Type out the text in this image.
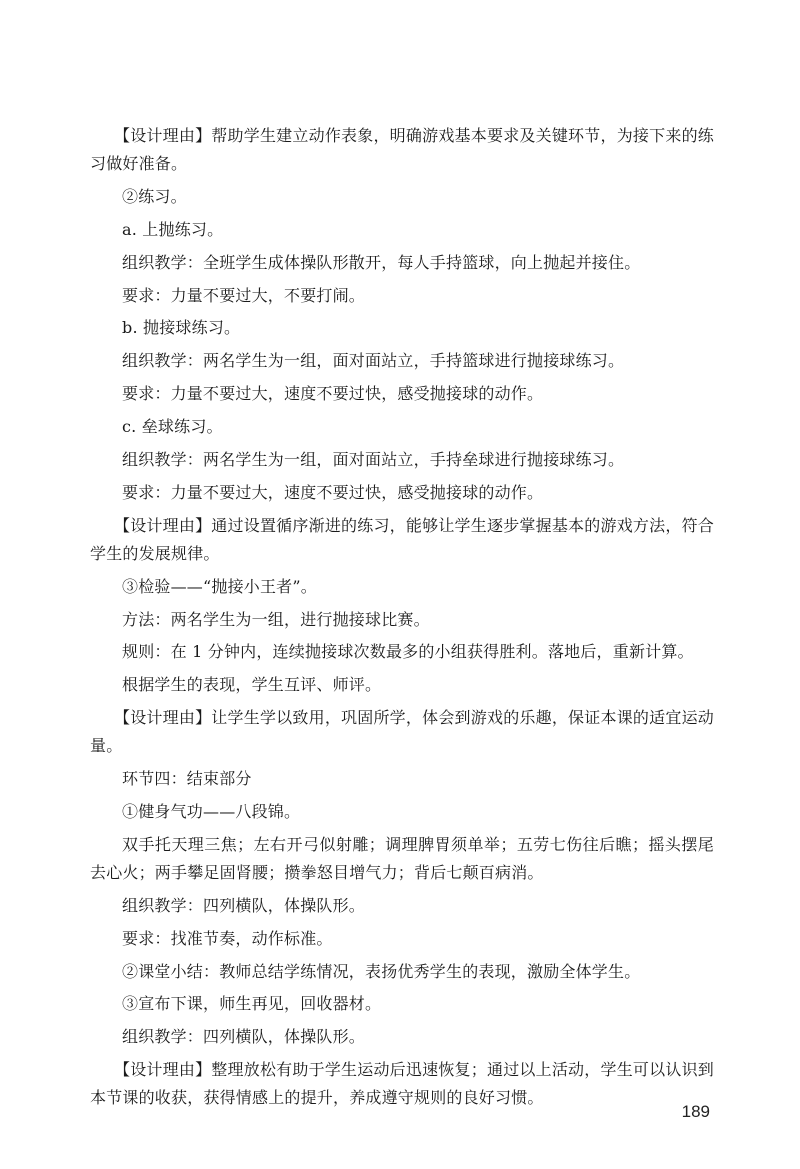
【设计理由】帮助学生建立动作表象，明确游戏基本要求及关键环节，为接下来的练习做好准备。

②练习。

a. 上抛练习。

组织教学：全班学生成体操队形散开，每人手持篮球，向上抛起并接住。

要求：力量不要过大，不要打闹。

b. 抛接球练习。

组织教学：两名学生为一组，面对面站立，手持篮球进行抛接球练习。

要求：力量不要过大，速度不要过快，感受抛接球的动作。

c. 垒球练习。

组织教学：两名学生为一组，面对面站立，手持垒球进行抛接球练习。

要求：力量不要过大，速度不要过快，感受抛接球的动作。

【设计理由】通过设置循序渐进的练习，能够让学生逐步掌握基本的游戏方法，符合学生的发展规律。

③检验——“抛接小王者”。

方法：两名学生为一组，进行抛接球比赛。

规则：在 1 分钟内，连续抛接球次数最多的小组获得胜利。落地后，重新计算。

根据学生的表现，学生互评、师评。

【设计理由】让学生学以致用，巩固所学，体会到游戏的乐趣，保证本课的适宜运动量。

环节四：结束部分

①健身气功——八段锦。

双手托天理三焦；左右开弓似射雕；调理脾胃须单举；五劳七伤往后瞧；摇头摆尾去心火；两手攀足固肾腰；攒拳怒目增气力；背后七颠百病消。

组织教学：四列横队，体操队形。

要求：找准节奏，动作标准。

②课堂小结：教师总结学练情况，表扬优秀学生的表现，激励全体学生。

③宣布下课，师生再见，回收器材。

组织教学：四列横队，体操队形。

【设计理由】整理放松有助于学生运动后迅速恢复；通过以上活动，学生可以认识到本节课的收获，获得情感上的提升，养成遵守规则的良好习惯。

189
